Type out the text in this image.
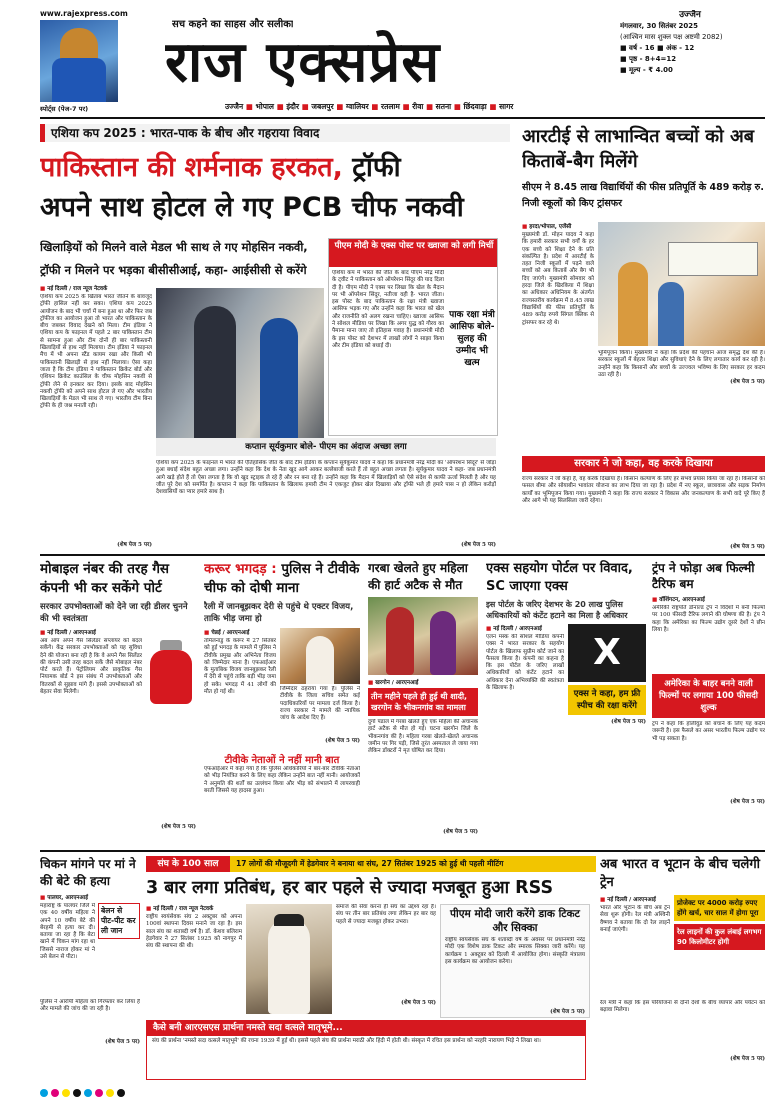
www.rajexpress.com
स्पोर्ट्स (पेज-7 पर)
सच कहने का साहस और सलीका
राज एक्सप्रेस
उज्जैन
मंगलवार, 30 सितंबर 2025
(आश्विन मास शुक्ल पक्ष अष्टमी 2082)
■ वर्ष - 16 ■ अंक - 12
■ पृष्ठ - 8+4=12
■ मूल्य - ₹ 4.00
उज्जैन ■ भोपाल ■ इंदौर ■ जबलपुर ■ ग्वालियर ■ रतलाम ■ रीवा ■ सतना ■ छिंदवाड़ा ■ सागर
एशिया कप 2025 : भारत-पाक के बीच और गहराया विवाद
पाकिस्तान की शर्मनाक हरकत, ट्रॉफी
अपने साथ होटल ले गए PCB चीफ नकवी
खिलाड़ियों को मिलने वाले मेडल भी साथ ले गए मोहसिन नकवी, ट्रॉफी न मिलने पर भड़का बीसीसीआई, कहा- आईसीसी से करेंगे
■ नई दिल्ली / राज न्यूज नेटवर्क
एशिया कप 2025 के खिताब भारत जीतने के बावजूद ट्रॉफी हासिल नहीं कर सका। एशिया कप 2025 आयोजन के बाद भी चर्चा में बना हुआ था और फिर जब ट्रॉफीज का आयोजन हुआ तो भारत और पाकिस्तान के बीच जबकर विवाद देखने को मिला। टीम इंडिया ने एशिया कप के फाइनल में पहले 2 बार पाकिस्तान टीम से सामना हुआ और टीम दोनों ही बार पाकिस्तानी खिलाड़ियों से हाथ नहीं मिलाया। टीम इंडिया ने फाइनल मैच में भी अपना स्टैंड कायम रखा और किसी भी पाकिस्तानी खिलाड़ी से हाथ नहीं मिलाया। ऐसा कहा जाता है कि टीम इंडिया ने पाकिस्तान क्रिकेट बोर्ड और एशियन क्रिकेट काउंसिल के चीफ मोहसिन नकवी से ट्रॉफी लेने से इनकार कर दिया। इसके बाद मोहसिन नकवी ट्रॉफी को अपने साथ होटल ले गए और भारतीय खिलाड़ियों के मेडल भी साथ ले गए। भारतीय टीम बिना ट्रॉफी के ही जश्न मनाती रही।
(शेष पेज 5 पर)
कप्तान सूर्यकुमार बोले- पीएम का अंदाज अच्छा लगा
एशिया कप 2025 के फाइनल में भारत की ऐतिहासिक जीत के बाद टीम इंडिया के कप्तान सूर्यकुमार यादव ने कहा कि प्रधानमंत्री नरेंद्र मोदी का 'ऑपरेशन सिंदूर' से जोड़ा हुआ बधाई संदेश बहुत अच्छा लगा। उन्होंने कहा कि देश के नेता खुद आगे आकर बल्लेबाजी करते हैं तो बहुत अच्छा लगता है। सूर्यकुमार यादव ने कहा- जब प्रधानमंत्री आगे खड़े होते हैं तो ऐसा लगता है कि वो खुद स्ट्राइक ले रहे हैं और रन बना रहे हैं। उन्होंने कहा कि मैदान में खिलाड़ियों को ऐसे संदेश से काफी ऊर्जा मिलती है और यह जीत पूरे देश को समर्पित है। कप्तान ने कहा कि पाकिस्तान के खिलाफ हमारी टीम ने एकजुट होकर खेल दिखाया और ट्रॉफी भले ही हमारे पास न हो लेकिन करोड़ों देशवासियों का प्यार हमारे साथ है।
(शेष पेज 5 पर)
पीएम मोदी के एक्स पोस्ट पर ख्वाजा को लगी मिर्ची
एशिया कप में भारत की जीत के बाद पीएम नरेंद्र मोदी के ट्वीट ने पाकिस्तान को ऑपरेशन सिंदूर की याद दिला दी है। पीएम मोदी ने एक्स पर लिखा कि खेल के मैदान पर भी ऑपरेशन सिंदूर, नतीजा वही है- भारत जीता। इस पोस्ट के बाद पाकिस्तान के रक्षा मंत्री ख्वाजा आसिफ भड़क गए और उन्होंने कहा कि भारत को खेल और राजनीति को अलग रखना चाहिए। ख्वाजा आसिफ ने सोशल मीडिया पर लिखा कि अगर युद्ध को गौरव का पैमाना माना जाए तो इतिहास गवाह है। प्रधानमंत्री मोदी के इस पोस्ट को देशभर में लाखों लोगों ने साझा किया और टीम इंडिया को बधाई दी।
पाक रक्षा मंत्री आसिफ बोले- सुलह की उम्मीद भी खत्म
आरटीई से लाभान्वित बच्चों को अब किताबें-बैग मिलेंगे
सीएम ने 8.45 लाख विद्यार्थियों की फीस प्रतिपूर्ति के 489 करोड़ रु. निजी स्कूलों को किए ट्रांसफर
■ हरदा/भोपाल, एजेंसी
मुख्यमंत्री डॉ. मोहन यादव ने कहा कि हमारी सरकार सभी वर्गों के हर एक बच्चे को शिक्षा देने के प्रति संकल्पित है। प्रदेश में आरटीई के तहत निजी स्कूलों में पढ़ने वाले बच्चों को अब किताबें और बैग भी दिए जाएंगे। मुख्यमंत्री सोमवार को हरदा जिले के खिरकिया में शिक्षा का अधिकार अधिनियम के अंतर्गत राज्यस्तरीय कार्यक्रम में 8.45 लाख विद्यार्थियों की फीस प्रतिपूर्ति के 489 करोड़ रुपये सिंगल क्लिक से ट्रांसफर कर रहे थे।
भूमिपूजन किया। मुख्यमंत्री ने कहा कि प्रदेश की पहचान आज समृद्ध देश की है। सरकार स्कूलों में बेहतर शिक्षा और सुविधाएं देने के लिए लगातार कार्य कर रही है। उन्होंने कहा कि किसानों और बच्चों के उज्ज्वल भविष्य के लिए सरकार हर कदम उठा रही है।
(शेष पेज 5 पर)
सरकार ने जो कहा, वह करके दिखाया
राज्य सरकार ने जो कहा है, वह करके दिखाया है। किसान कल्याण के लिए हर संभव प्रयास किया जा रहा है। किसानों को फसल बीमा और सोयाबीन भावांतर योजना का लाभ दिया जा रहा है। प्रदेश में नए स्कूल, छात्रावास और सड़क निर्माण कार्यों का भूमिपूजन किया गया। मुख्यमंत्री ने कहा कि राज्य सरकार ने विकास और जनकल्याण के सभी वादे पूरे किए हैं और आगे भी यह सिलसिला जारी रहेगा।
(शेष पेज 5 पर)
मोबाइल नंबर की तरह गैस कंपनी भी कर सकेंगे पोर्ट
सरकार उपभोक्ताओं को देने जा रही डीलर चुनने की भी स्वतंत्रता
■ नई दिल्ली / आरएनआई
अब आप अपने गैस सिलेंडर सप्लायर को बदल सकेंगे। केंद्र सरकार उपभोक्ताओं को यह सुविधा देने की योजना बना रही है कि वे अपने गैस सिलेंडर की कंपनी उसी तरह बदल सकें जैसे मोबाइल नंबर पोर्ट करते हैं। पेट्रोलियम और प्राकृतिक गैस नियामक बोर्ड ने इस संबंध में उपभोक्ताओं और वितरकों से सुझाव मांगे हैं। इससे उपभोक्ताओं को बेहतर सेवा मिलेगी।
(शेष पेज 5 पर)
करूर भगदड़ : पुलिस ने टीवीके चीफ को दोषी माना
रैली में जानबूझकर देरी से पहुंचे थे एक्टर विजय, ताकि भीड़ जमा हो
■ चेन्नई / आरएनआई
तमिलनाडु के करूर में 27 सितंबर को हुई भगदड़ के मामले में पुलिस ने टीवीके प्रमुख और अभिनेता विजय को जिम्मेदार माना है। एफआईआर के मुताबिक विजय जानबूझकर रैली में देरी से पहुंचे ताकि बड़ी भीड़ जमा हो सके। भगदड़ में 41 लोगों की मौत हो गई थी।
जिम्मेदार ठहराया गया है। पुलिस ने टीवीके के जिला सचिव समेत कई पदाधिकारियों पर मामला दर्ज किया है। राज्य सरकार ने मामले की न्यायिक जांच के आदेश दिए हैं।
(शेष पेज 5 पर)
टीवीके नेताओं ने नहीं मानी बात
एफआईआर में कहा गया है कि पुलिस अधिकारियों ने बार-बार टीवीके नेताओं को भीड़ नियंत्रित करने के लिए कहा लेकिन उन्होंने बात नहीं मानी। आयोजकों ने अनुमति की शर्तों का उल्लंघन किया और भीड़ को संभालने में लापरवाही बरती जिससे यह हादसा हुआ।
गरबा खेलते हुए महिला की हार्ट अटैक से मौत
■ खरगोन / आरएनआई
तीन महीने पहले ही हुई थी शादी, खरगोन के भीकनगांव का मामला
दुर्गा पंडाल में गरबा खेलते हुए एक महिला की अचानक हार्ट अटैक से मौत हो गई। घटना खरगोन जिले के भीकनगांव की है। महिला गरबा खेलते-खेलते अचानक जमीन पर गिर पड़ी, जिसे तुरंत अस्पताल ले जाया गया लेकिन डॉक्टरों ने मृत घोषित कर दिया।
(शेष पेज 5 पर)
एक्स सहयोग पोर्टल पर विवाद, SC जाएगा एक्स
इस पोर्टल के जरिए देशभर के 20 लाख पुलिस अधिकारियों को कंटेंट हटाने का मिला है अधिकार
■ नई दिल्ली / आरएनआई
एलन मस्क की सोशल मीडिया कंपनी एक्स ने भारत सरकार के सहयोग पोर्टल के खिलाफ सुप्रीम कोर्ट जाने का फैसला किया है। कंपनी का कहना है कि इस पोर्टल के जरिए लाखों अधिकारियों को कंटेंट हटाने का अधिकार देना अभिव्यक्ति की स्वतंत्रता के खिलाफ है।
X
एक्स ने कहा, हम फ्री स्पीच की रक्षा करेंगे
(शेष पेज 5 पर)
ट्रंप ने फोड़ा अब फिल्मी टैरिफ बम
■ वॉशिंगटन, आरएनआई
अमेरिकी राष्ट्रपति डोनाल्ड ट्रंप ने विदेशों में बनी फिल्मों पर 100 फीसदी टैरिफ लगाने की घोषणा की है। ट्रंप ने कहा कि अमेरिका का फिल्म उद्योग दूसरे देशों ने छीन लिया है।
अमेरिका के बाहर बनने वाली फिल्मों पर लगाया 100 फीसदी शुल्क
ट्रंप ने कहा कि हॉलीवुड को बचाने के लिए यह कदम जरूरी है। इस फैसले का असर भारतीय फिल्म उद्योग पर भी पड़ सकता है।
(शेष पेज 5 पर)
चिकन मांगने पर मां ने की बेटे की हत्या
■ पालघर, आरएनआई
बेलन से पीट-पीट कर ली जान
महाराष्ट्र के पालघर जिले में एक 40 वर्षीय महिला ने अपने 10 वर्षीय बेटे की बेरहमी से हत्या कर दी। बताया जा रहा है कि बेटा खाने में चिकन मांग रहा था जिससे नाराज होकर मां ने उसे बेलन से पीटा।
पुलिस ने आरोपी महिला को गिरफ्तार कर लिया है और मामले की जांच की जा रही है।
(शेष पेज 5 पर)
संघ के 100 साल	17 लोगों की मौजूदगी में हेडगेवार ने बनाया था संघ, 27 सितंबर 1925 को हुई थी पहली मीटिंग
3 बार लगा प्रतिबंध, हर बार पहले से ज्यादा मजबूत हुआ RSS
■ नई दिल्ली / राज न्यूज नेटवर्क
राष्ट्रीय स्वयंसेवक संघ 2 अक्टूबर को अपना 100वां स्थापना दिवस मनाने जा रहा है। इस साल संघ का शताब्दी वर्ष है। डॉ. केशव बलिराम हेडगेवार ने 27 सितंबर 1925 को नागपुर में संघ की स्थापना की थी।
समाज की सेवा करना ही संघ का उद्देश्य रहा है। संघ पर तीन बार प्रतिबंध लगा लेकिन हर बार वह पहले से ज्यादा मजबूत होकर उभरा।
(शेष पेज 5 पर)
कैसे बनी आरएसएस प्रार्थना नमस्ते सदा वत्सले मातृभूमे...
संघ की प्रार्थना 'नमस्ते सदा वत्सले मातृभूमे' की रचना 1939 में हुई थी। इससे पहले संघ की प्रार्थना मराठी और हिंदी में होती थी। संस्कृत में रचित इस प्रार्थना को नरहरि नारायण भिड़े ने लिखा था।
पीएम मोदी जारी करेंगे डाक टिकट और सिक्का
राष्ट्रीय स्वयंसेवक संघ के शताब्दी वर्ष के अवसर पर प्रधानमंत्री नरेंद्र मोदी एक विशेष डाक टिकट और स्मारक सिक्का जारी करेंगे। यह कार्यक्रम 1 अक्टूबर को दिल्ली में आयोजित होगा। संस्कृति मंत्रालय इस कार्यक्रम का आयोजन करेगा।
(शेष पेज 5 पर)
अब भारत व भूटान के बीच चलेगी ट्रेन
■ नई दिल्ली / आरएनआई
भारत और भूटान के बीच अब ट्रेन सेवा शुरू होगी। रेल मंत्री अश्विनी वैष्णव ने बताया कि दो रेल लाइनें बनाई जाएंगी।
प्रोजेक्ट पर 4000 करोड़ रुपए होंगे खर्च, चार साल में होगा पूरा
रेल लाइनों की कुल लंबाई लगभग 90 किलोमीटर होगी
रेल मंत्री ने कहा कि इस परियोजना से दोनों देशों के बीच व्यापार और पर्यटन को बढ़ावा मिलेगा।
(शेष पेज 5 पर)
